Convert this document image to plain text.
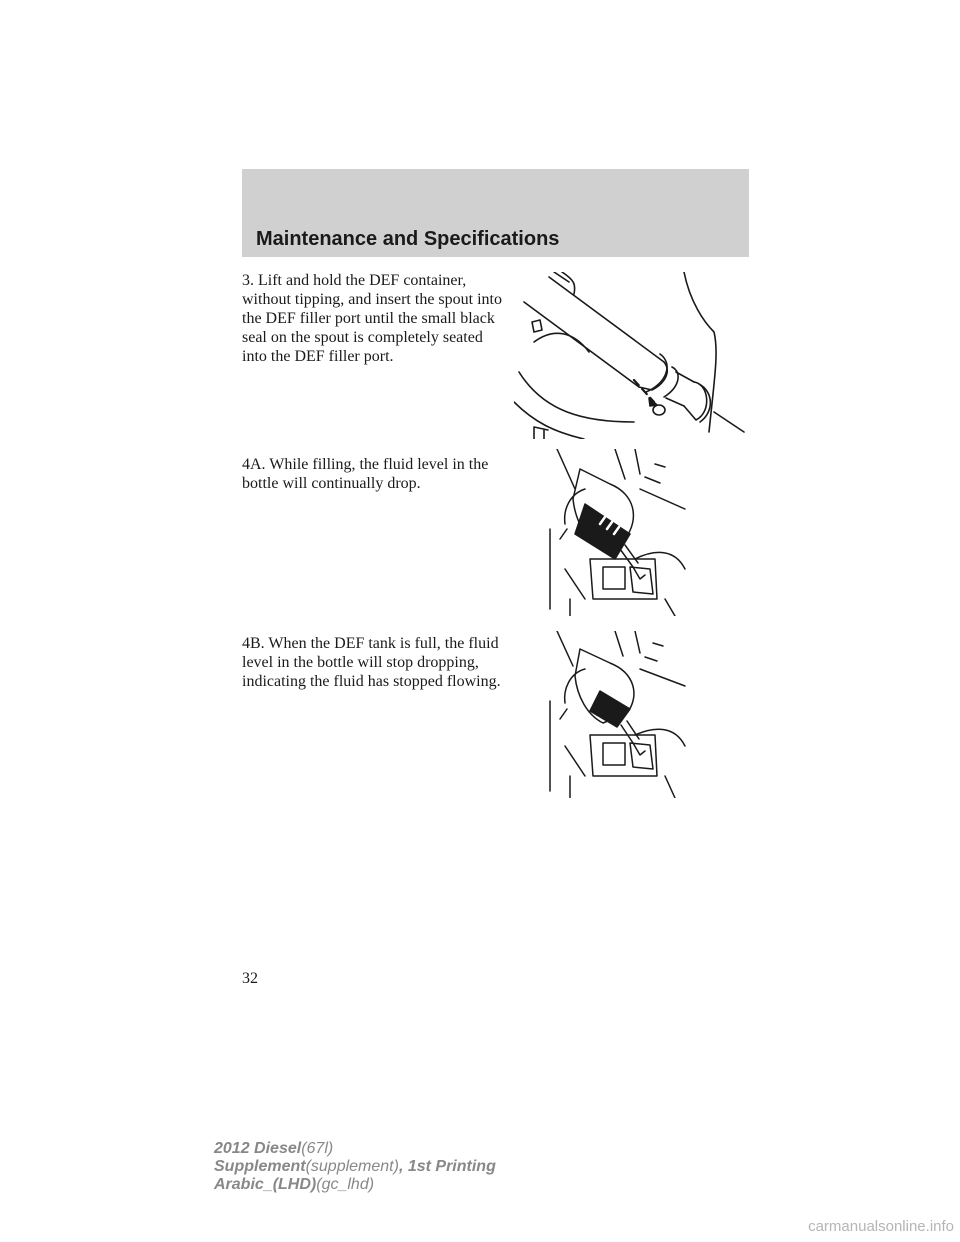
Maintenance and Specifications
3. Lift and hold the DEF container, without tipping, and insert the spout into the DEF filler port until the small black seal on the spout is completely seated into the DEF filler port.
4A. While filling, the fluid level in the bottle will continually drop.
4B. When the DEF tank is full, the fluid level in the bottle will stop dropping, indicating the fluid has stopped flowing.
32
2012 Diesel(67l)
Supplement(supplement), 1st Printing
Arabic_(LHD)(gc_lhd)
carmanualsonline.info
